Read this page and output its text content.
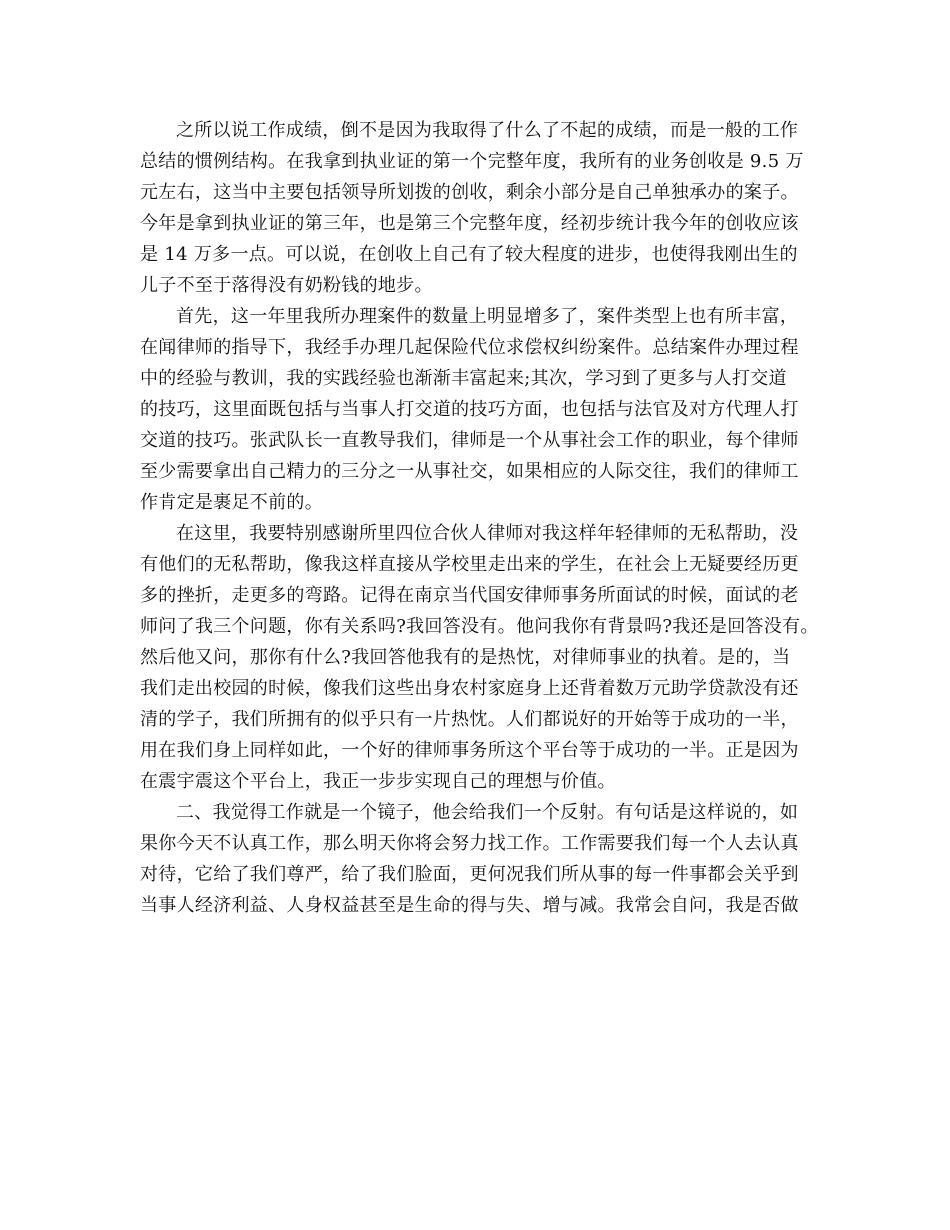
之所以说工作成绩，倒不是因为我取得了什么了不起的成绩，而是一般的工作
总结的惯例结构。在我拿到执业证的第一个完整年度，我所有的业务创收是 9.5 万
元左右，这当中主要包括领导所划拨的创收，剩余小部分是自己单独承办的案子。
今年是拿到执业证的第三年，也是第三个完整年度，经初步统计我今年的创收应该
是 14 万多一点。可以说，在创收上自己有了较大程度的进步，也使得我刚出生的
儿子不至于落得没有奶粉钱的地步。
首先，这一年里我所办理案件的数量上明显增多了，案件类型上也有所丰富，
在闻律师的指导下，我经手办理几起保险代位求偿权纠纷案件。总结案件办理过程
中的经验与教训，我的实践经验也渐渐丰富起来;其次，学习到了更多与人打交道
的技巧，这里面既包括与当事人打交道的技巧方面，也包括与法官及对方代理人打
交道的技巧。张武队长一直教导我们，律师是一个从事社会工作的职业，每个律师
至少需要拿出自己精力的三分之一从事社交，如果相应的人际交往，我们的律师工
作肯定是裹足不前的。
在这里，我要特别感谢所里四位合伙人律师对我这样年轻律师的无私帮助，没
有他们的无私帮助，像我这样直接从学校里走出来的学生，在社会上无疑要经历更
多的挫折，走更多的弯路。记得在南京当代国安律师事务所面试的时候，面试的老
师问了我三个问题，你有关系吗?我回答没有。他问我你有背景吗?我还是回答没有。
然后他又问，那你有什么?我回答他我有的是热忱，对律师事业的执着。是的，当
我们走出校园的时候，像我们这些出身农村家庭身上还背着数万元助学贷款没有还
清的学子，我们所拥有的似乎只有一片热忱。人们都说好的开始等于成功的一半，
用在我们身上同样如此，一个好的律师事务所这个平台等于成功的一半。正是因为
在震宇震这个平台上，我正一步步实现自己的理想与价值。
二、我觉得工作就是一个镜子，他会给我们一个反射。有句话是这样说的，如
果你今天不认真工作，那么明天你将会努力找工作。工作需要我们每一个人去认真
对待，它给了我们尊严，给了我们脸面，更何况我们所从事的每一件事都会关乎到
当事人经济利益、人身权益甚至是生命的得与失、增与减。我常会自问，我是否做
